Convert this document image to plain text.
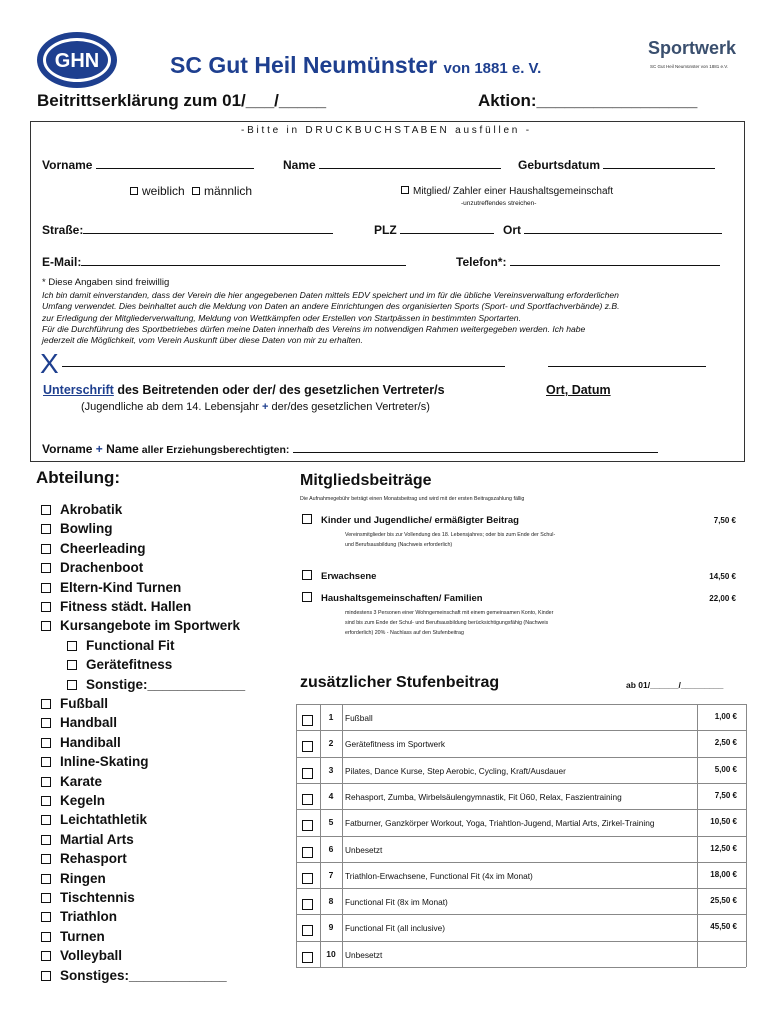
GHN	SC Gut Heil Neumünster von 1881 e. V.
Sportwerk
SC Gut Heil Neumünster von 1881 e.V.
Beitrittserklärung zum 01/___/_____	Aktion:_________________
- B i t t e   i n   D R U C K B U C H S T A B E N   a u s f ü l l e n   -
Vorname	Name	Geburtsdatum
weiblich männlich	Mitglied/ Zahler einer Haushaltsgemeinschaft
-unzutreffendes streichen-
Straße:	PLZ	Ort
E-Mail:	Telefon*:
* Diese Angaben sind freiwillig
Ich bin damit einverstanden, dass der Verein die hier angegebenen Daten mittels EDV speichert und im für die übliche Vereinsverwaltung erforderlichen
Umfang verwendet. Dies beinhaltet auch die Meldung von Daten an andere Einrichtungen des organisierten Sports (Sport- und Sportfachverbände) z.B.
zur Erledigung der Mitgliederverwaltung, Meldung von Wettkämpfen oder Erstellen von Startpässen in bestimmten Sportarten.
Für die Durchführung des Sportbetriebes dürfen meine Daten innerhalb des Vereins im notwendigen Rahmen weitergegeben werden. Ich habe
jederzeit die Möglichkeit, vom Verein Auskunft über diese Daten von mir zu erhalten.
X
Unterschrift des Beitretenden oder der/ des gesetzlichen Vertreter/s	Ort, Datum
(Jugendliche ab dem 14. Lebensjahr + der/des gesetzlichen Vertreter/s)
Vorname + Name aller Erziehungsberechtigten:
Abteilung:
Akrobatik
Bowling
Cheerleading
Drachenboot
Eltern-Kind Turnen
Fitness städt. Hallen
Kursangebote im Sportwerk
Functional Fit
Gerätefitness
Sonstige:_____________
Fußball
Handball
Handiball
Inline-Skating
Karate
Kegeln
Leichtathletik
Martial Arts
Rehasport
Ringen
Tischtennis
Triathlon
Turnen
Volleyball
Sonstiges:_____________
Mitgliedsbeiträge
Die Aufnahmegebühr beträgt einen Monatsbeitrag und wird mit der ersten Beitragszahlung fällig
Kinder und Jugendliche/ ermäßigter Beitrag	7,50 €
Vereinsmitglieder bis zur Vollendung des 18. Lebensjahres; oder bis zum Ende der Schul-
und Berufsausbildung (Nachweis erforderlich)
Erwachsene	14,50 €
Haushaltsgemeinschaften/ Familien	22,00 €
mindestens 3 Personen einer Wohngemeinschaft mit einem gemeinsamen Konto, Kinder
sind bis zum Ende der Schul- und Berufsausbildung berücksichtigungsfähig (Nachweis
erforderlich) 20% - Nachlass auf den Stufenbeitrag
zusätzlicher Stufenbeitrag	ab 01/______/_________
1	Fußball	1,00 €
2	Gerätefitness im Sportwerk	2,50 €
3	Pilates, Dance Kurse, Step Aerobic, Cycling, Kraft/Ausdauer	5,00 €
4	Rehasport, Zumba, Wirbelsäulengymnastik, Fit Ü60, Relax, Faszientraining	7,50 €
5	Fatburner, Ganzkörper Workout, Yoga, Triahtlon-Jugend, Martial Arts, Zirkel-Training	10,50 €
6	Unbesetzt	12,50 €
7	Triathlon-Erwachsene, Functional Fit (4x im Monat)	18,00 €
8	Functional Fit (8x im Monat)	25,50 €
9	Functional Fit (all inclusive)	45,50 €
10	Unbesetzt
